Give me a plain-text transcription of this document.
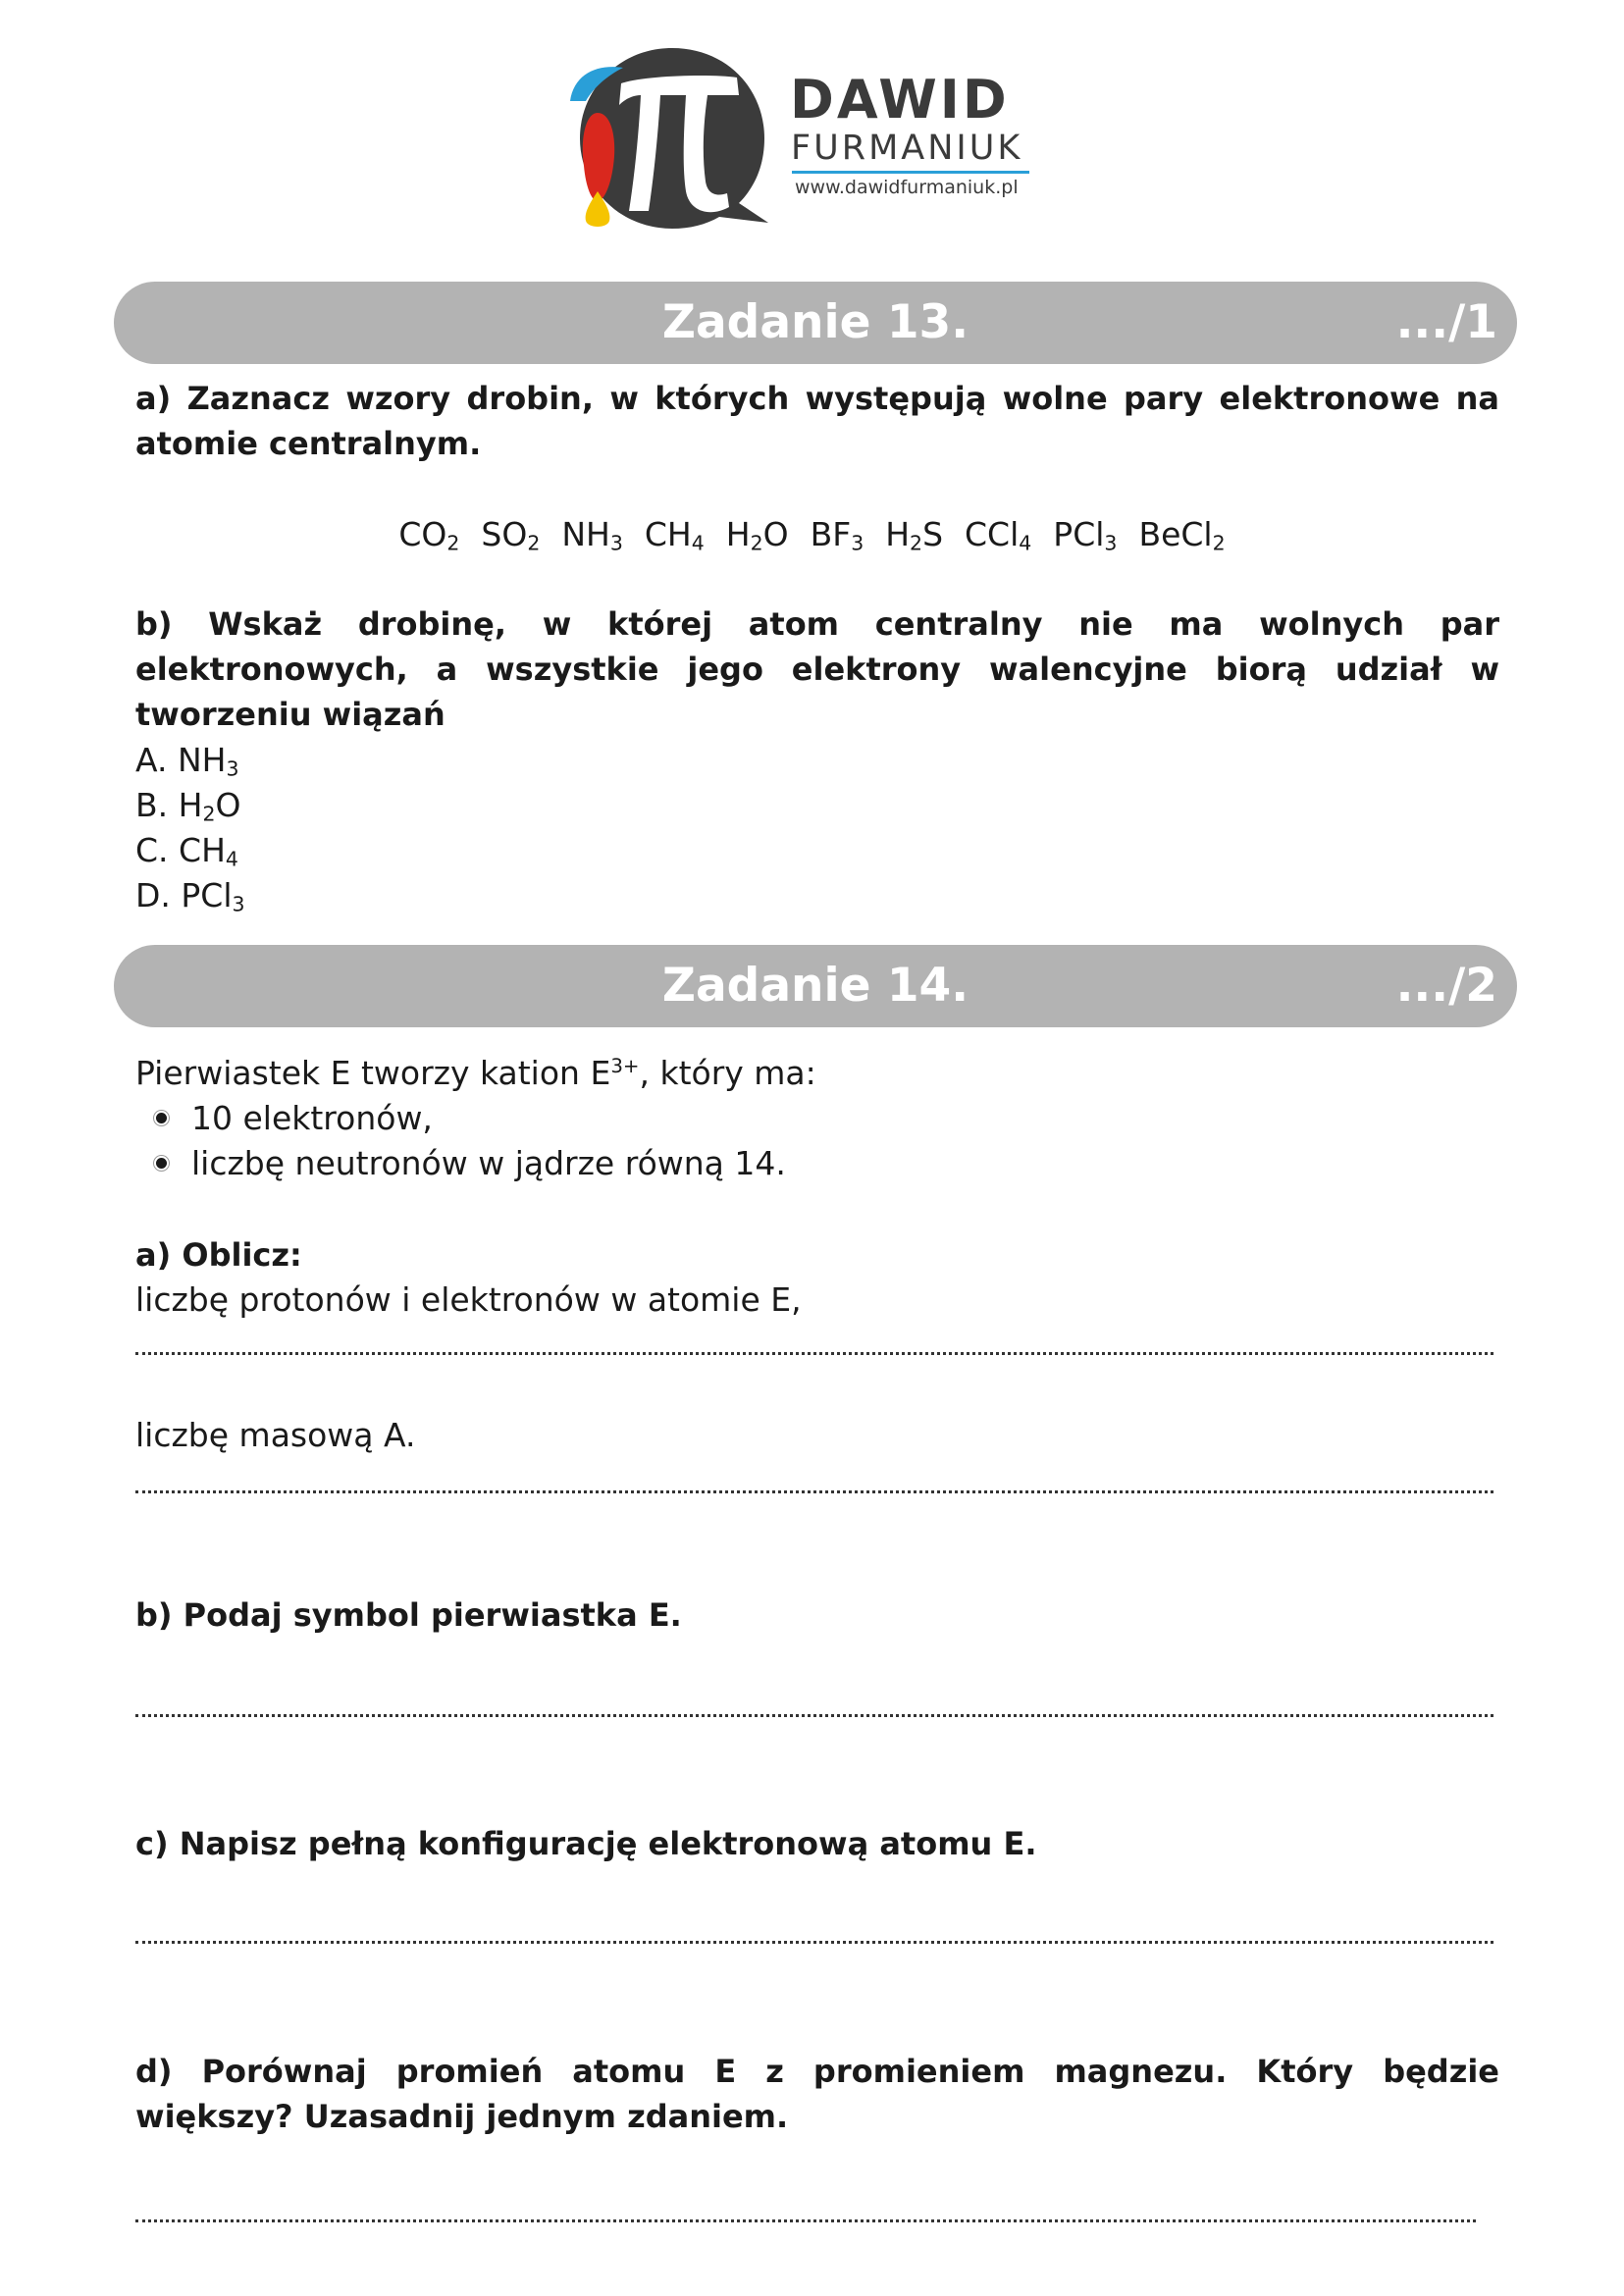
DAWID
FURMANIUK
www.dawidfurmaniuk.pl
Zadanie 13.	.../1

a) Zaznacz wzory drobin, w których występują wolne pary elektronowe na atomie centralnym.

$CO_2$ $SO_2$ $NH_3$ $CH_4$ $H_2O$ $BF_3$ $H_2S$ CCl$_4$ PCl$_3$ BeCl$_2$

b) Wskaż drobinę, w której atom centralny nie ma wolnych par elektronowych, a wszystkie jego elektrony walencyjne biorą udział w tworzeniu wiązań

A. $NH_3$
B. $H_2O$
C. $CH_4$
D. PCl$_3$
Zadanie 14.	.../2
Pierwiastek E tworzy kation $E^{3+}$, który ma:
10 elektronów,
liczbę neutronów w jądrze równą 14.

a) Oblicz:

liczbę protonów i elektronów w atomie E,
liczbę masową A.

b) Podaj symbol pierwiastka E.

c) Napisz pełną konfigurację elektronową atomu E.

d) Porównaj promień atomu E z promieniem magnezu. Który będzie większy? Uzasadnij jednym zdaniem.
